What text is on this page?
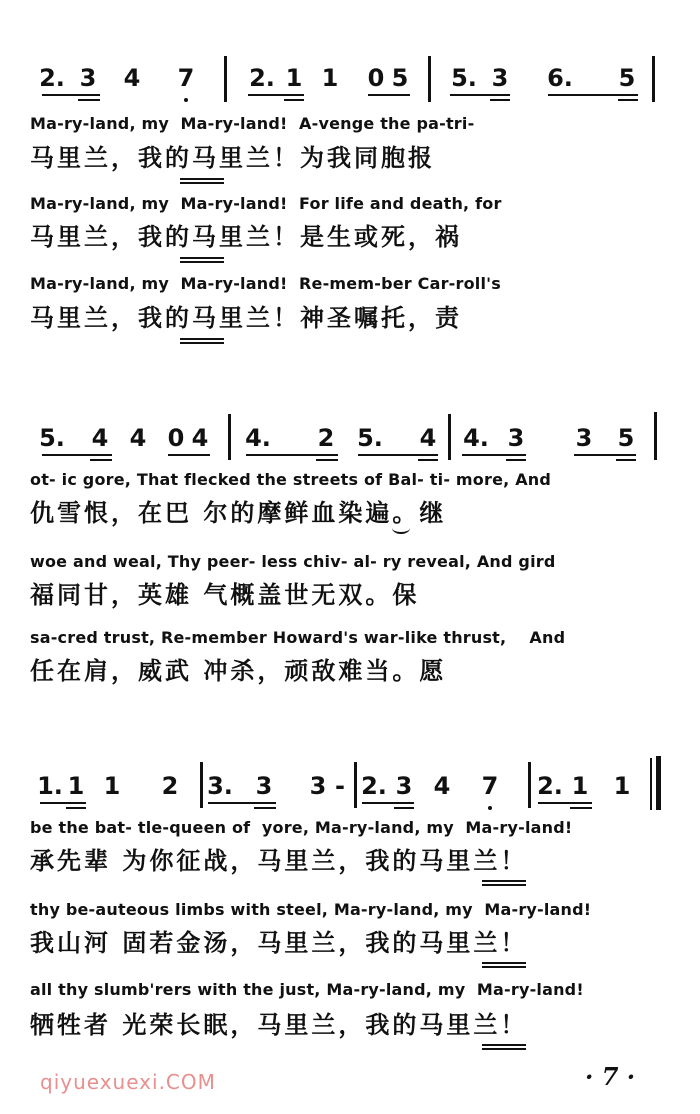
2. 3 4 7 2. 1 1 0 5 5. 3 6. 5
Ma-ry-land, my  Ma-ry-land!  A-venge the pa-tri-
马里兰，我的马里兰！为我同胞报
Ma-ry-land, my  Ma-ry-land!  For life and death, for
马里兰，我的马里兰！是生或死，祸
Ma-ry-land, my  Ma-ry-land!  Re-mem-ber Car-roll's
马里兰，我的马里兰！神圣嘱托，责
5. 4 4 0 4 4. 2 5. 4 4. 3 3 5
ot- ic gore, That flecked the streets of Bal- ti- more, And
仇雪恨，在巴 尔的摩鲜血染遍。继
woe and weal, Thy peer- less chiv- al- ry reveal, And gird
福同甘，英雄 气概盖世无双。保
sa-cred trust, Re-member Howard's war-like thrust,    And
任在肩，威武 冲杀，顽敌难当。愿
1. 1 1 2 3. 3 3 - 2. 3 4 7 2. 1 1
be the bat- tle-queen of  yore, Ma-ry-land, my  Ma-ry-land!
承先辈 为你征战，马里兰，我的马里兰！
thy be-auteous limbs with steel, Ma-ry-land, my  Ma-ry-land!
我山河 固若金汤，马里兰，我的马里兰！
all thy slumb'rers with the just, Ma-ry-land, my  Ma-ry-land!
牺牲者 光荣长眠，马里兰，我的马里兰！
qiyuexuexi.COM	· 7 ·
